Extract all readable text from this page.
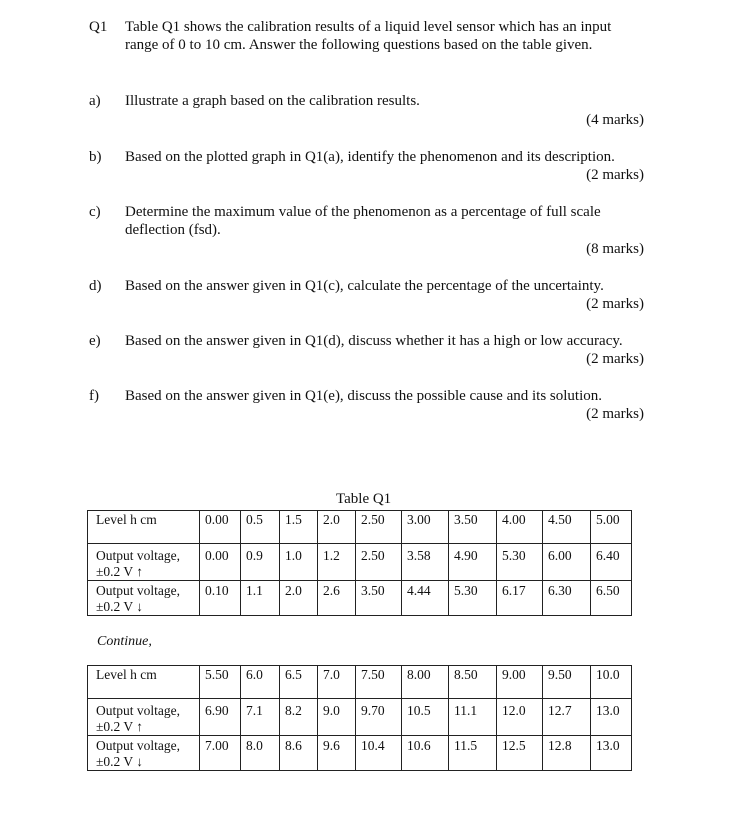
Q1 Table Q1 shows the calibration results of a liquid level sensor which has an input
range of 0 to 10 cm. Answer the following questions based on the table given.
a) Illustrate a graph based on the calibration results.
(4 marks)
b) Based on the plotted graph in Q1(a), identify the phenomenon and its description.
(2 marks)
c) Determine the maximum value of the phenomenon as a percentage of full scale
deflection (fsd).
(8 marks)
d) Based on the answer given in Q1(c), calculate the percentage of the uncertainty.
(2 marks)
e) Based on the answer given in Q1(d), discuss whether it has a high or low accuracy.
(2 marks)
f) Based on the answer given in Q1(e), discuss the possible cause and its solution.
(2 marks)
Table Q1
Level h cm	0.00	0.5	1.5	2.0	2.50	3.00	3.50	4.00	4.50	5.00
Output voltage,
±0.2 V ↑	0.00	0.9	1.0	1.2	2.50	3.58	4.90	5.30	6.00	6.40
Output voltage,
±0.2 V ↓	0.10	1.1	2.0	2.6	3.50	4.44	5.30	6.17	6.30	6.50
Continue,
Level h cm	5.50	6.0	6.5	7.0	7.50	8.00	8.50	9.00	9.50	10.0
Output voltage,
±0.2 V ↑	6.90	7.1	8.2	9.0	9.70	10.5	11.1	12.0	12.7	13.0
Output voltage,
±0.2 V ↓	7.00	8.0	8.6	9.6	10.4	10.6	11.5	12.5	12.8	13.0
